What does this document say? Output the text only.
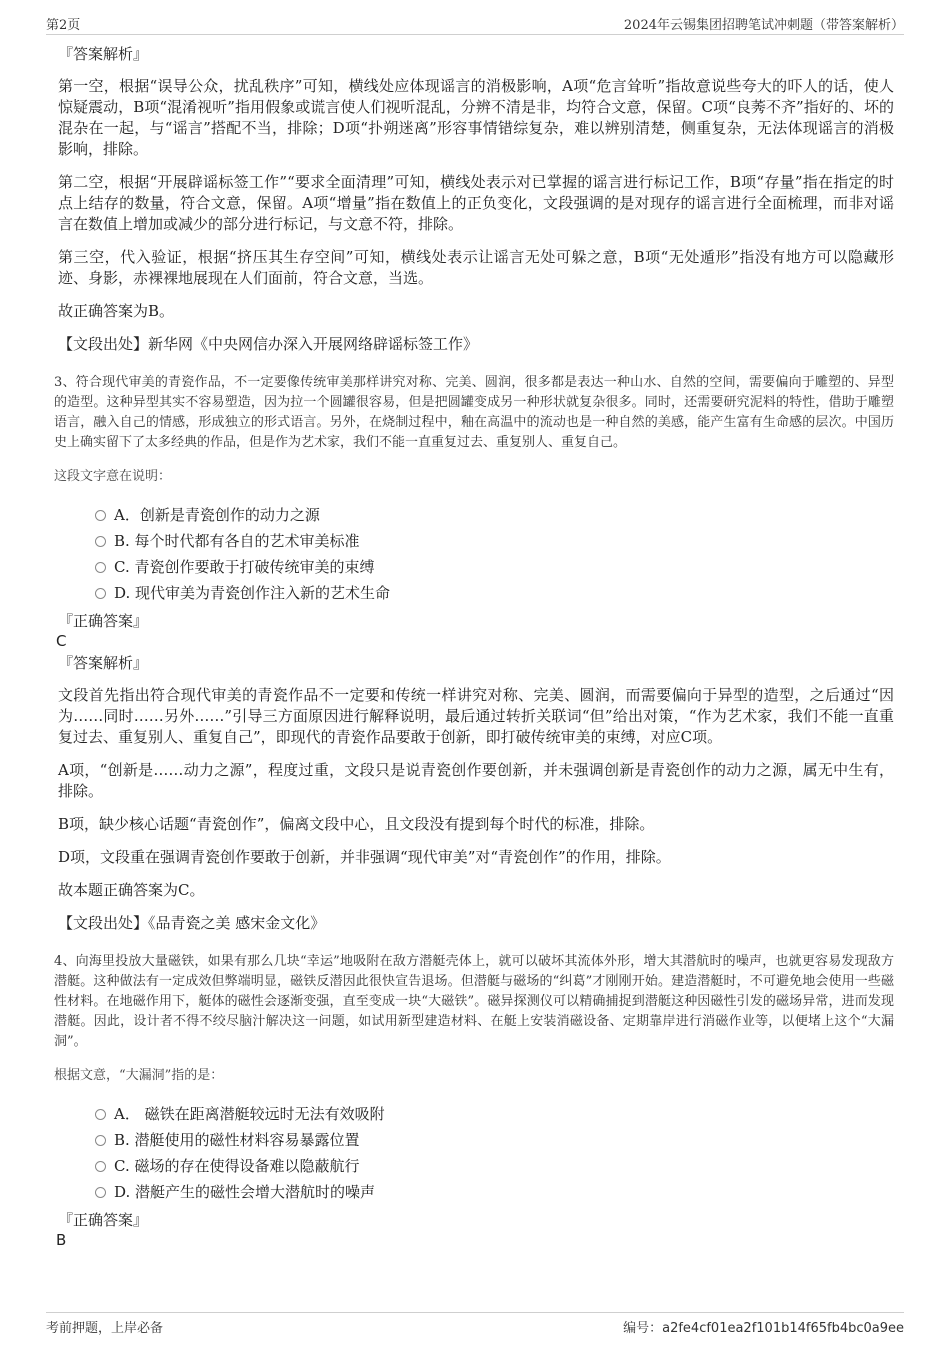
第2页	2024年云锡集团招聘笔试冲刺题（带答案解析）
『答案解析』

第一空，根据“误导公众，扰乱秩序”可知，横线处应体现谣言的消极影响，A项“危言耸听”指故意说些夸大的吓人的话，使人惊疑震动，B项“混淆视听”指用假象或谎言使人们视听混乱，分辨不清是非，均符合文意，保留。C项“良莠不齐”指好的、坏的混杂在一起，与“谣言”搭配不当，排除；D项“扑朔迷离”形容事情错综复杂，难以辨别清楚，侧重复杂，无法体现谣言的消极影响，排除。

第二空，根据“开展辟谣标签工作”“要求全面清理”可知，横线处表示对已掌握的谣言进行标记工作，B项“存量”指在指定的时点上结存的数量，符合文意，保留。A项“增量”指在数值上的正负变化，文段强调的是对现存的谣言进行全面梳理，而非对谣言在数值上增加或减少的部分进行标记，与文意不符，排除。

第三空，代入验证，根据“挤压其生存空间”可知，横线处表示让谣言无处可躲之意，B项“无处遁形”指没有地方可以隐藏形迹、身影，赤裸裸地展现在人们面前，符合文意，当选。

故正确答案为B。

【文段出处】新华网《中央网信办深入开展网络辟谣标签工作》

3、符合现代审美的青瓷作品，不一定要像传统审美那样讲究对称、完美、圆润，很多都是表达一种山水、自然的空间，需要偏向于雕塑的、异型的造型。这种异型其实不容易塑造，因为拉一个圆罐很容易，但是把圆罐变成另一种形状就复杂很多。同时，还需要研究泥料的特性，借助于雕塑语言，融入自己的情感，形成独立的形式语言。另外，在烧制过程中，釉在高温中的流动也是一种自然的美感，能产生富有生命感的层次。中国历史上确实留下了太多经典的作品，但是作为艺术家，我们不能一直重复过去、重复别人、重复自己。

这段文字意在说明：

A．创新是青瓷创作的动力之源
B. 每个时代都有各自的艺术审美标准
C. 青瓷创作要敢于打破传统审美的束缚
D. 现代审美为青瓷创作注入新的艺术生命
『正确答案』
C
『答案解析』

文段首先指出符合现代审美的青瓷作品不一定要和传统一样讲究对称、完美、圆润，而需要偏向于异型的造型，之后通过“因为……同时……另外……”引导三方面原因进行解释说明，最后通过转折关联词“但”给出对策，“作为艺术家，我们不能一直重复过去、重复别人、重复自己”，即现代的青瓷作品要敢于创新，即打破传统审美的束缚，对应C项。

A项，“创新是……动力之源”，程度过重，文段只是说青瓷创作要创新，并未强调创新是青瓷创作的动力之源，属无中生有，排除。

B项，缺少核心话题“青瓷创作”，偏离文段中心，且文段没有提到每个时代的标准，排除。

D项，文段重在强调青瓷创作要敢于创新，并非强调“现代审美”对“青瓷创作”的作用，排除。

故本题正确答案为C。

【文段出处】《品青瓷之美 感宋金文化》

4、向海里投放大量磁铁，如果有那么几块“幸运”地吸附在敌方潜艇壳体上，就可以破坏其流体外形，增大其潜航时的噪声，也就更容易发现敌方潜艇。这种做法有一定成效但弊端明显，磁铁反潜因此很快宣告退场。但潜艇与磁场的“纠葛”才刚刚开始。建造潜艇时，不可避免地会使用一些磁性材料。在地磁作用下，艇体的磁性会逐渐变强，直至变成一块“大磁铁”。磁异探测仪可以精确捕捉到潜艇这种因磁性引发的磁场异常，进而发现潜艇。因此，设计者不得不绞尽脑汁解决这一问题，如试用新型建造材料、在艇上安装消磁设备、定期靠岸进行消磁作业等，以便堵上这个“大漏洞”。

根据文意，“大漏洞”指的是：

A． 磁铁在距离潜艇较远时无法有效吸附
B. 潜艇使用的磁性材料容易暴露位置
C. 磁场的存在使得设备难以隐蔽航行
D. 潜艇产生的磁性会增大潜航时的噪声
『正确答案』
B
考前押题，上岸必备	编号：a2fe4cf01ea2f101b14f65fb4bc0a9ee
